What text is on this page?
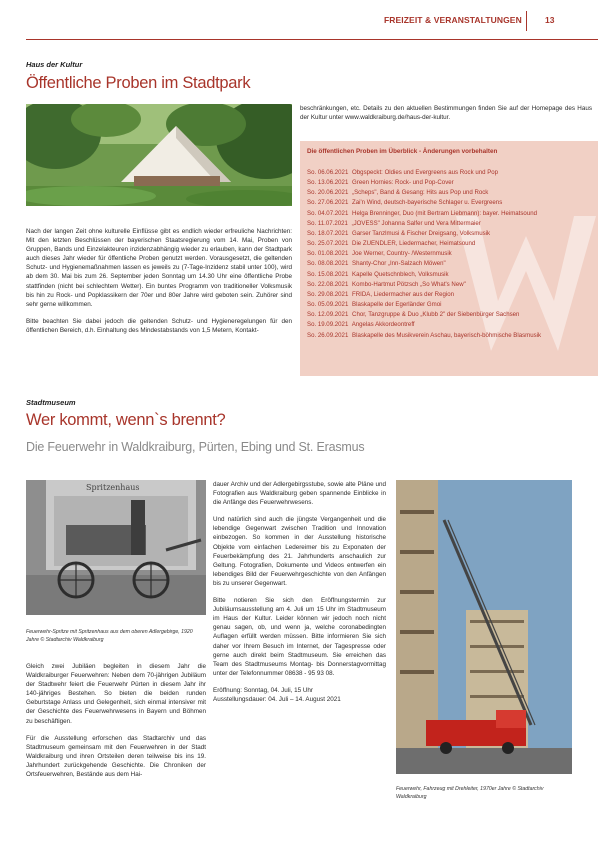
FREIZEIT & VERANSTALTUNGEN	13
Haus der Kultur
Öffentliche Proben im Stadtpark

Nach der langen Zeit ohne kulturelle Einflüsse gibt es endlich wieder erfreuliche Nachrichten: Mit den letzten Beschlüssen der bayerischen Staatsregierung vom 14. Mai, Proben von Gruppen, Bands und Einzelakteuren inzidenzabhängig wieder zu erlauben, kann der Stadtpark auch dieses Jahr wieder für öffentliche Proben genutzt werden. Vorausgesetzt, die geltenden Schutz- und Hygienemaßnahmen lassen es jeweils zu (7-Tage-Inzidenz stabil unter 100), wird ab dem 30. Mai bis zum 26. September jeden Sonntag um 14.30 Uhr eine öffentliche Probe stattfinden (nicht bei schlechtem Wetter). Ein buntes Programm von traditioneller Volksmusik bis hin zu Rock- und Popklassikern der 70er und 80er Jahre wird geboten sein. Zuhörer sind sehr gerne willkommen.

Bitte beachten Sie dabei jedoch die geltenden Schutz- und Hygieneregelungen für den öffentlichen Bereich, d.h. Einhaltung des Mindestabstands von 1,5 Metern, Kontakt-

beschränkungen, etc. Details zu den aktuellen Bestimmungen finden Sie auf der Homepage des Haus der Kultur unter www.waldkraiburg.de/haus-der-kultur.
Die öffentlichen Proben im Überblick - Änderungen vorbehalten
So. 06.06.2021 Obgspeckt: Oldies und Evergreens aus Rock und Pop
So. 13.06.2021 Green Hornies: Rock- und Pop-Cover
So. 20.06.2021 „Scheps", Band & Gesang: Hits aus Pop und Rock
So. 27.06.2021 Zai'n Wind, deutsch-bayerische Schlager u. Evergreens
So. 04.07.2021 Helga Brenninger, Duo (mit Bertram Liebmann): bayer. Heimatsound
So. 11.07.2021 „JOVESS" Johanna Salfer und Vera Mittermaier
So. 18.07.2021 Garser Tanzlmusi & Fischer Dreigsang, Volksmusik
So. 25.07.2021 Die ZUENDLER, Liedermacher, Heimatsound
So. 01.08.2021 Joe Werner, Country- /Westernmusik
So. 08.08.2021 Shanty-Chor „Inn-Salzach Möwen"
So. 15.08.2021 Kapelle Quetschnblech, Volksmusik
So. 22.08.2021 Kombo-Hartmut Pötzsch „So What's New"
So. 29.08.2021 FRIDA, Liedermacher aus der Region
So. 05.09.2021 Blaskapelle der Egerländer Gmoi
So. 12.09.2021 Chor, Tanzgruppe & Duo „Klubb 2" der Siebenbürger Sachsen
So. 19.09.2021 Angelas Akkordeontreff
So. 26.09.2021 Blaskapelle des Musikverein Aschau, bayerisch-böhmische Blasmusik
Stadtmuseum
Wer kommt, wenn`s brennt?
Die Feuerwehr in Waldkraiburg, Pürten, Ebing und St. Erasmus
Spritzenhaus
Feuerwehr-Spritze mit Spritzenhaus aus dem oberen Adlergebirge, 1920 Jahre © Stadtarchiv Waldkraiburg

Gleich zwei Jubiläen begleiten in diesem Jahr die Waldkraiburger Feuerwehren: Neben dem 70-jährigen Jubiläum der Stadtwehr feiert die Feuerwehr Pürten in diesem Jahr ihr 140-jähriges Bestehen. So bieten die beiden runden Geburtstage Anlass und Gelegenheit, sich einmal intensiver mit der Geschichte des Feuerwehrwesens in Bayern und Böhmen zu beschäftigen.

Für die Ausstellung erforschen das Stadtarchiv und das Stadtmuseum gemeinsam mit den Feuerwehren in der Stadt Waldkraiburg und ihren Ortsteilen deren teilweise bis ins 19. Jahrhundert zurückgehende Geschichte. Die Chroniken der Ortsfeuerwehren, Bestände aus dem Hai-

dauer Archiv und der Adlergebirgsstube, sowie alte Pläne und Fotografien aus Waldkraiburg geben spannende Einblicke in die Anfänge des Feuerwehrwesens.

Und natürlich sind auch die jüngste Vergangenheit und die lebendige Gegenwart zwischen Tradition und Innovation einbezogen. So kommen in der Ausstellung historische Objekte vom einfachen Ledereimer bis zu Exponaten der Feuerbekämpfung des 21. Jahrhunderts anschaulich zur Geltung. Fotografien, Dokumente und Videos entwerfen ein lebendiges Bild der Feuerwehrgeschichte von den Anfängen bis zu unserer Gegenwart.

Bitte notieren Sie sich den Eröffnungstermin zur Jubiläumsausstellung am 4. Juli um 15 Uhr im Stadtmuseum im Haus der Kultur. Leider können wir jedoch noch nicht genau sagen, ob, und wenn ja, welche coronabedingten Auflagen erfüllt werden müssen. Bitte informieren Sie sich daher vor Ihrem Besuch im Internet, der Tagespresse oder gerne auch direkt beim Stadtmuseum. Sie erreichen das Team des Stadtmuseums Montag- bis Donnerstagvormittag unter der Telefonnummer 08638 - 95 93 08.

Eröffnung: Sonntag, 04. Juli, 15 Uhr
Ausstellungsdauer: 04. Juli – 14. August 2021
Feuerwehr, Fahrzeug mit Drehleiter, 1970er Jahre © Stadtarchiv Waldkraiburg
